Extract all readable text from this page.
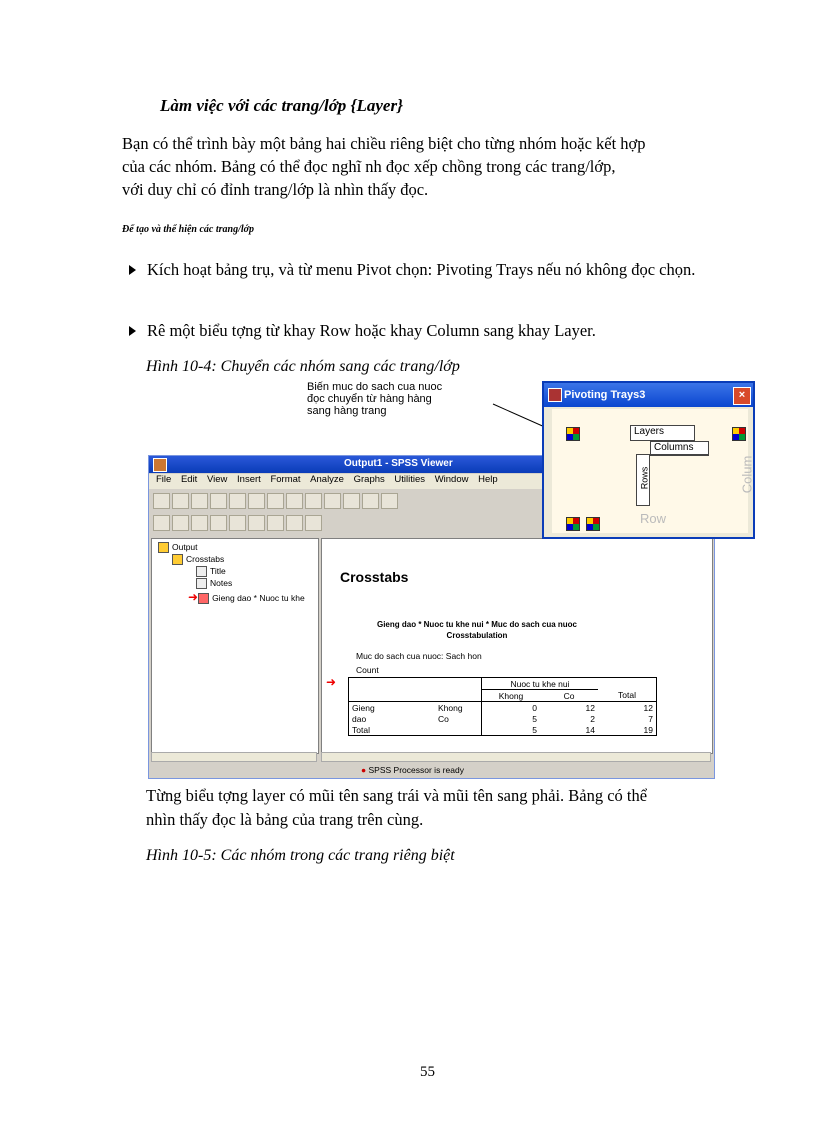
Làm việc với các trang/lớp {Layer}
Bạn có thể trình bày một bảng hai chiều riêng biệt cho từng nhóm hoặc kết hợp
của các nhóm. Bảng có thể đọc nghĩ nh đọc xếp chồng trong các trang/lớp,
với duy chỉ có đỉnh trang/lớp là nhìn thấy đọc.
Để tạo và thể hiện các trang/lớp
Kích hoạt bảng trụ, và từ menu Pivot chọn: Pivoting Trays nếu nó không đọc chọn.
Rê một biểu tợng từ khay Row hoặc khay Column sang khay Layer.
Hình 10-4: Chuyển các nhóm sang các trang/lớp
Biến muc do sach cua nuoc
đọc chuyển từ hàng hàng
sang hàng trang
Output1 - SPSS Viewer
File Edit View Insert Format Analyze Graphs Utilities Window Help
Output
Crosstabs
Title
Notes
➜ Gieng dao * Nuoc tu khe
Crosstabs
Gieng dao * Nuoc tu khe nui * Muc do sach cua nuoc
Crosstabulation
Muc do sach cua nuoc: Sach hon
Count
➜
			Nuoc tu khe nui		
		Khong	Co	Total
Gieng	Khong	0	12	12
dao	Co	5	2	7
Total		5	14	19
● SPSS Processor is ready
Pivoting Trays3	×
Layers
Columns
Rows
Row
Colum
Từng biểu tợng layer có mũi tên sang trái và mũi tên sang phải. Bảng có thể
nhìn thấy đọc là bảng của trang trên cùng.
Hình 10-5: Các nhóm trong các trang riêng biệt
55
